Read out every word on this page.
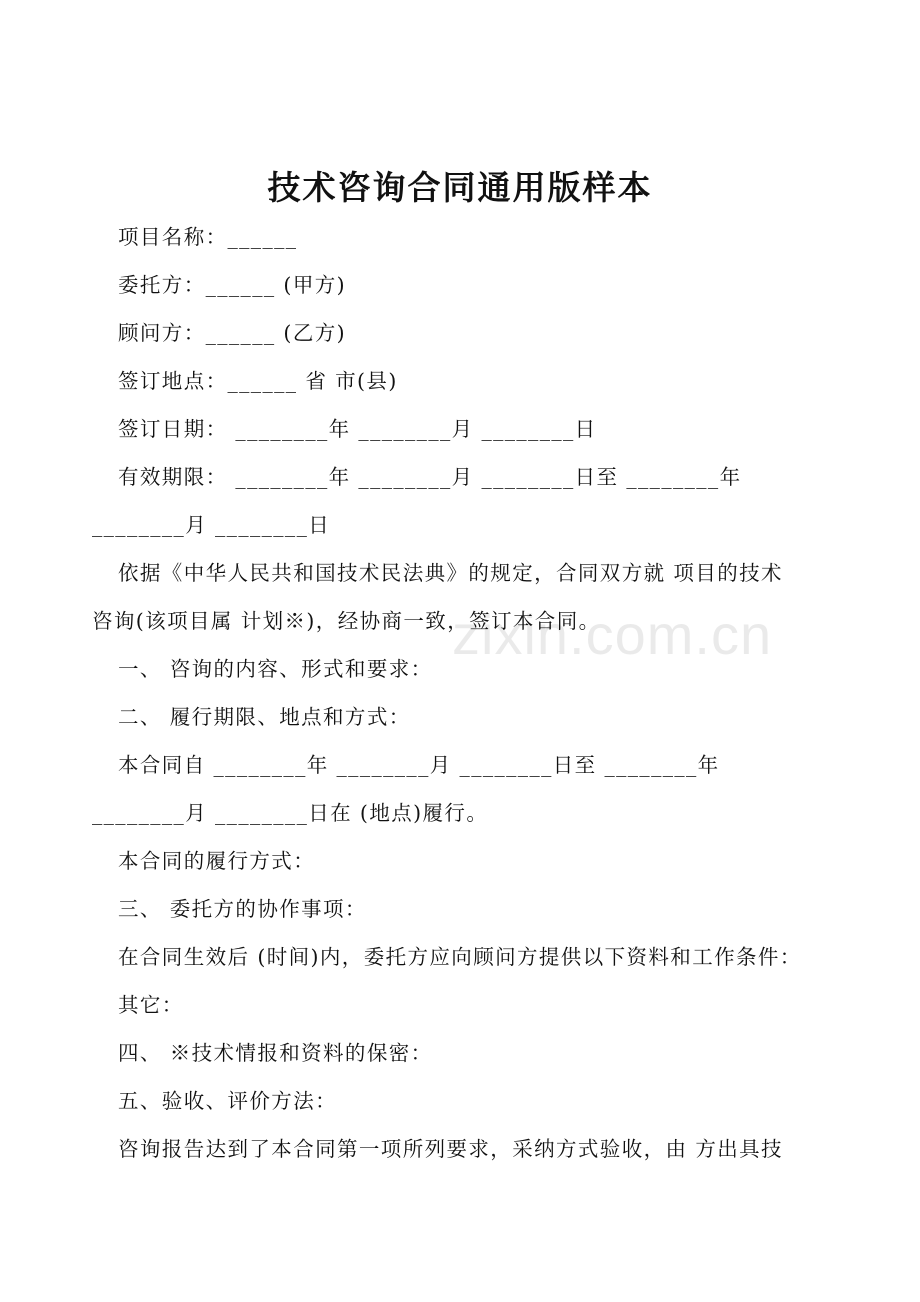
技术咨询合同通用版样本
项目名称：______
委托方：______ (甲方)
顾问方：______ (乙方)
签订地点：______ 省 市(县)
签订日期： ________年 ________月 ________日
有效期限： ________年 ________月 ________日至 ________年
________月 ________日
依据《中华人民共和国技术民法典》的规定，合同双方就 项目的技术
咨询(该项目属 计划※)，经协商一致，签订本合同。
一、 咨询的内容、形式和要求：
二、 履行期限、地点和方式：
本合同自 ________年 ________月 ________日至 ________年
________月 ________日在 (地点)履行。
本合同的履行方式：
三、 委托方的协作事项：
在合同生效后 (时间)内，委托方应向顾问方提供以下资料和工作条件：
其它：
四、 ※技术情报和资料的保密：
五、验收、评价方法：
咨询报告达到了本合同第一项所列要求，采纳方式验收，由 方出具技
zixin.com.cn
